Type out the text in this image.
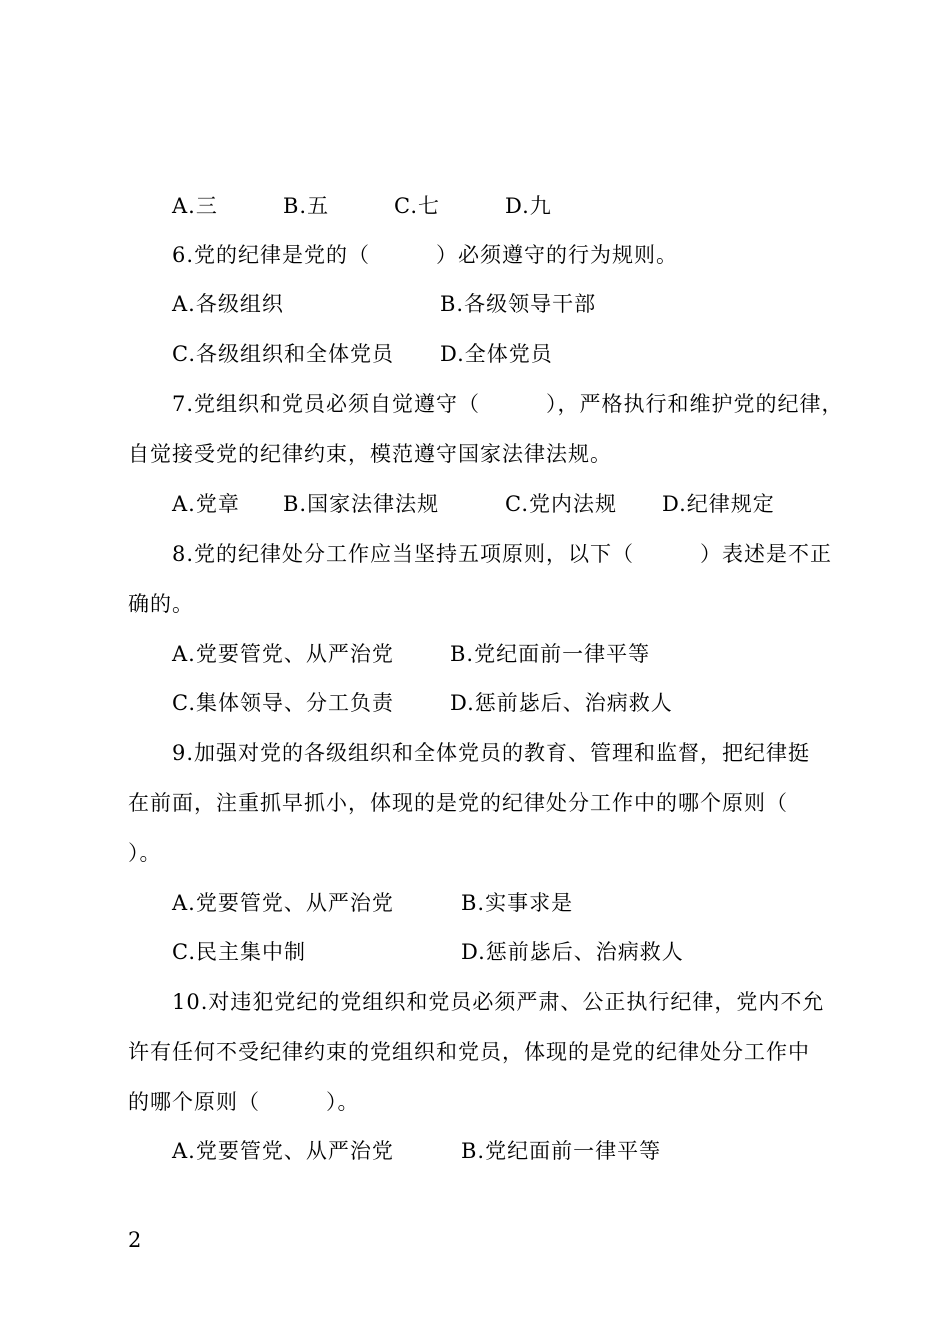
A.三	B.五	C.七	D.九
6.党的纪律是党的（　　　）必须遵守的行为规则。
A.各级组织	B.各级领导干部
C.各级组织和全体党员 D.全体党员
7.党组织和党员必须自觉遵守（　　　），严格执行和维护党的纪律，
自觉接受党的纪律约束，模范遵守国家法律法规。
A.党章 B.国家法律法规	C.党内法规 D.纪律规定
8.党的纪律处分工作应当坚持五项原则，以下（　　　）表述是不正
确的。
A.党要管党、从严治党	B.党纪面前一律平等
C.集体领导、分工负责	D.惩前毖后、治病救人
9.加强对党的各级组织和全体党员的教育、管理和监督，把纪律挺
在前面，注重抓早抓小，体现的是党的纪律处分工作中的哪个原则（
）。
A.党要管党、从严治党	B.实事求是
C.民主集中制	D.惩前毖后、治病救人
10.对违犯党纪的党组织和党员必须严肃、公正执行纪律，党内不允
许有任何不受纪律约束的党组织和党员，体现的是党的纪律处分工作中
的哪个原则（　　　）。
A.党要管党、从严治党	B.党纪面前一律平等
2
